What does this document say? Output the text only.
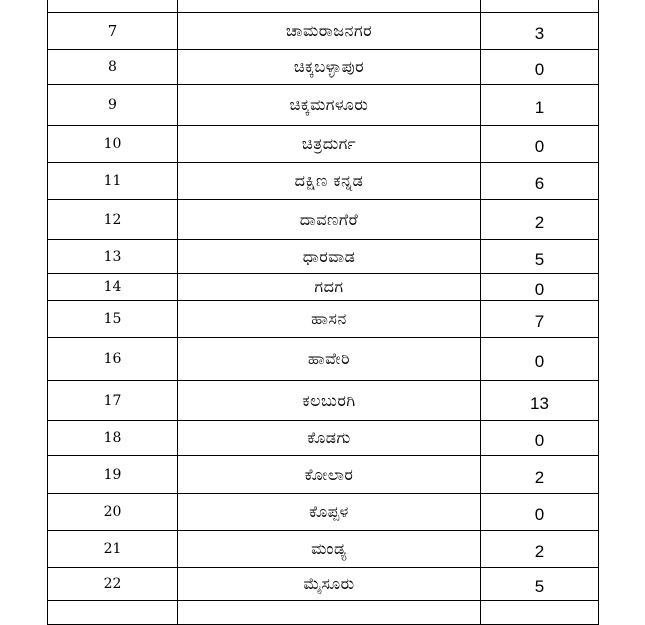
7	ಚಾಮರಾಜನಗರ	3
8	ಚಿಕ್ಕಬಳ್ಳಾಪುರ	0
9	ಚಿಕ್ಕಮಗಳೂರು	1
10	ಚಿತ್ರದುರ್ಗ	0
11	ದಕ್ಷಿಣ ಕನ್ನಡ	6
12	ದಾವಣಗೆರೆ	2
13	ಧಾರವಾಡ	5
14	ಗದಗ	0
15	ಹಾಸನ	7
16	ಹಾವೇರಿ	0
17	ಕಲಬುರಗಿ	13
18	ಕೊಡಗು	0
19	ಕೋಲಾರ	2
20	ಕೊಪ್ಪಳ	0
21	ಮಂಡ್ಯ	2
22	ಮೈಸೂರು	5
